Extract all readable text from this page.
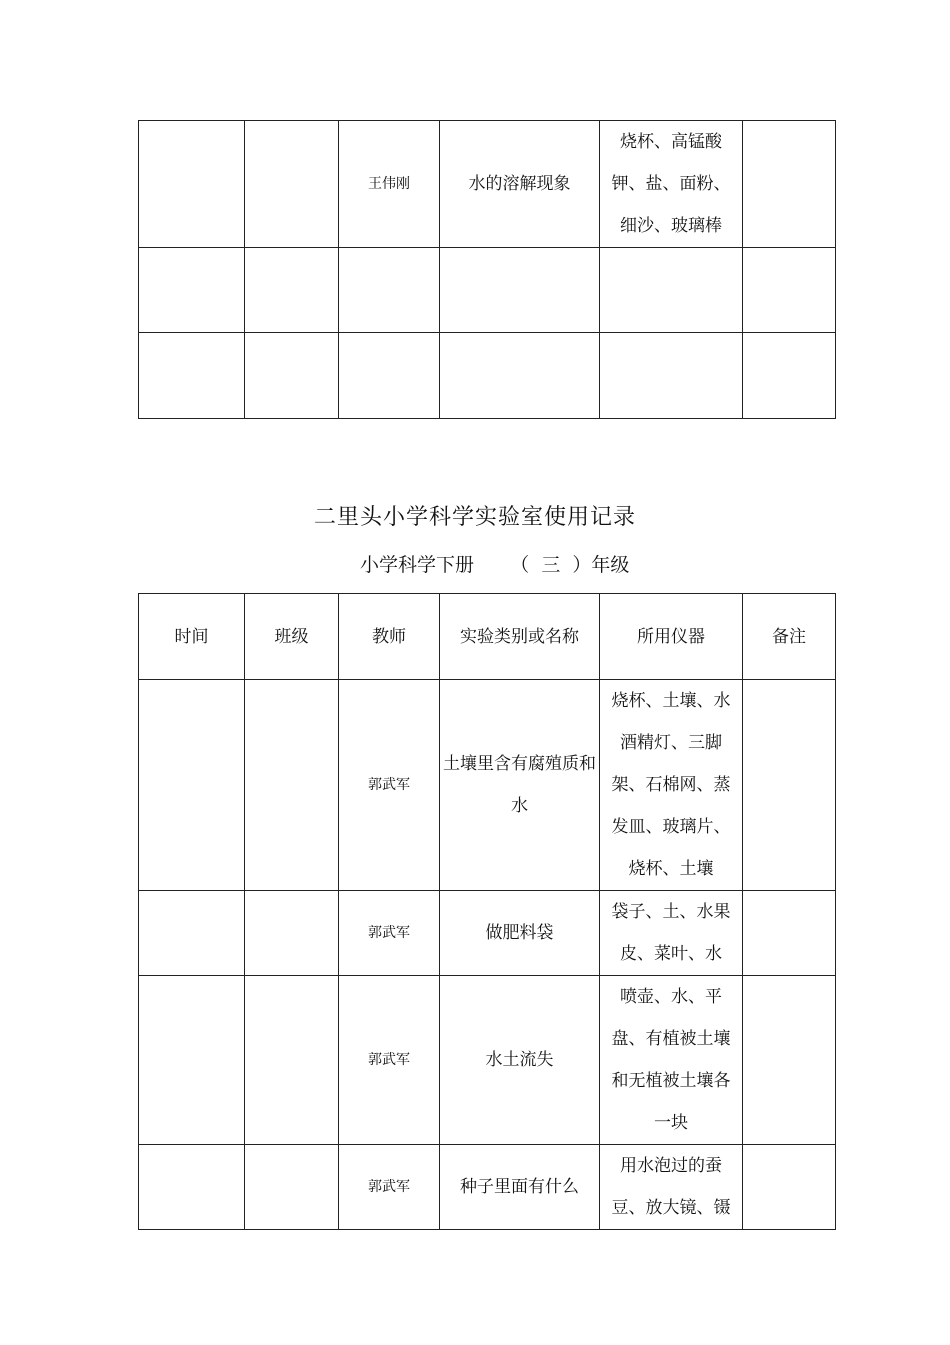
		王伟刚	水的溶解现象	烧杯、高锰酸钾、盐、面粉、细沙、玻璃棒	

二里头小学科学实验室使用记录
小学科学下册 （  三  ）年级
时间	班级	教师	实验类别或名称	所用仪器	备注
		郭武军	土壤里含有腐殖质和水	烧杯、土壤、水酒精灯、三脚架、石棉网、蒸发皿、玻璃片、烧杯、土壤	
		郭武军	做肥料袋	袋子、土、水果皮、菜叶、水	
		郭武军	水土流失	喷壶、水、平盘、有植被土壤和无植被土壤各一块	
		郭武军	种子里面有什么	用水泡过的蚕豆、放大镜、镊	
